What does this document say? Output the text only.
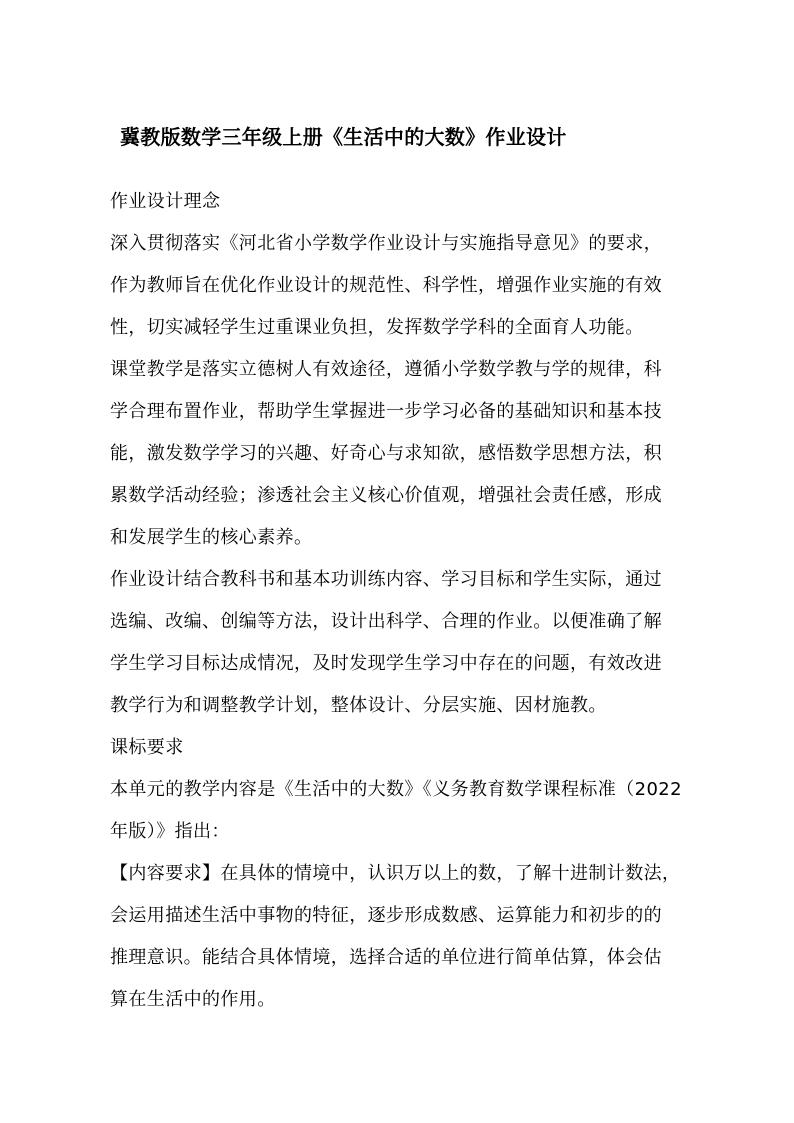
冀教版数学三年级上册《生活中的大数》作业设计

作业设计理念

深入贯彻落实《河北省小学数学作业设计与实施指导意见》的要求，

作为教师旨在优化作业设计的规范性、科学性，增强作业实施的有效

性，切实减轻学生过重课业负担，发挥数学学科的全面育人功能。

课堂教学是落实立德树人有效途径，遵循小学数学教与学的规律，科

学合理布置作业，帮助学生掌握进一步学习必备的基础知识和基本技

能，激发数学学习的兴趣、好奇心与求知欲，感悟数学思想方法，积

累数学活动经验；渗透社会主义核心价值观，增强社会责任感，形成

和发展学生的核心素养。

作业设计结合教科书和基本功训练内容、学习目标和学生实际，通过

选编、改编、创编等方法，设计出科学、合理的作业。以便准确了解

学生学习目标达成情况，及时发现学生学习中存在的问题，有效改进

教学行为和调整教学计划，整体设计、分层实施、因材施教。

课标要求

本单元的教学内容是《生活中的大数》《义务教育数学课程标准（2022

年版）》指出：

【内容要求】在具体的情境中，认识万以上的数，了解十进制计数法，

会运用描述生活中事物的特征，逐步形成数感、运算能力和初步的的

推理意识。能结合具体情境，选择合适的单位进行简单估算，体会估

算在生活中的作用。
